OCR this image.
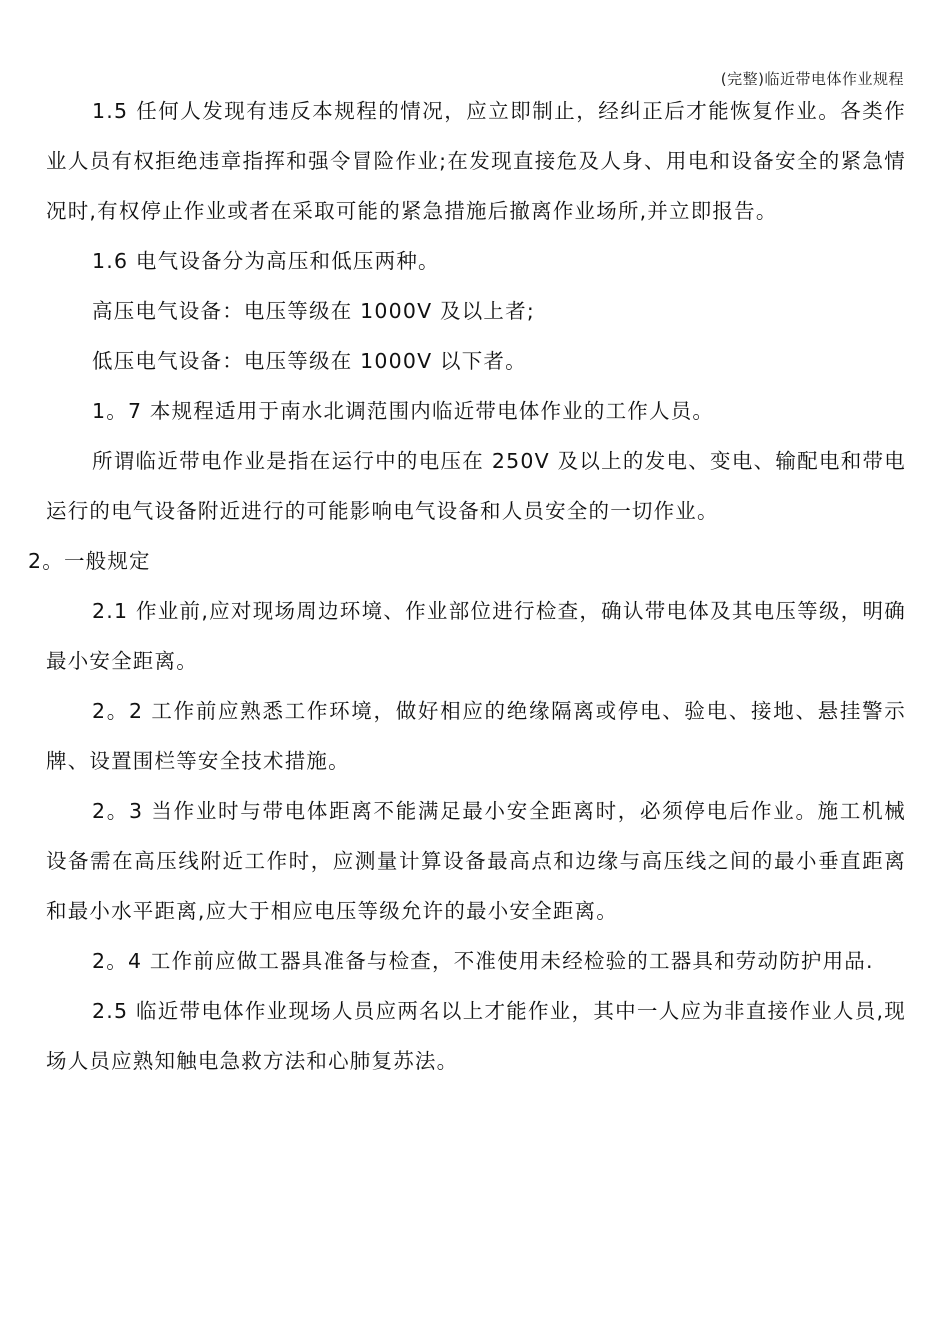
(完整)临近带电体作业规程

1.5 任何人发现有违反本规程的情况，应立即制止，经纠正后才能恢复作业。各类作业人员有权拒绝违章指挥和强令冒险作业;在发现直接危及人身、用电和设备安全的紧急情况时,有权停止作业或者在采取可能的紧急措施后撤离作业场所,并立即报告。

1.6 电气设备分为高压和低压两种。

高压电气设备：电压等级在 1000V 及以上者;

低压电气设备：电压等级在 1000V 以下者。

1。7 本规程适用于南水北调范围内临近带电体作业的工作人员。

所谓临近带电作业是指在运行中的电压在 250V 及以上的发电、变电、输配电和带电运行的电气设备附近进行的可能影响电气设备和人员安全的一切作业。

2。一般规定

2.1 作业前,应对现场周边环境、作业部位进行检查，确认带电体及其电压等级，明确最小安全距离。

2。2 工作前应熟悉工作环境，做好相应的绝缘隔离或停电、验电、接地、悬挂警示牌、设置围栏等安全技术措施。

2。3 当作业时与带电体距离不能满足最小安全距离时，必须停电后作业。施工机械设备需在高压线附近工作时，应测量计算设备最高点和边缘与高压线之间的最小垂直距离和最小水平距离,应大于相应电压等级允许的最小安全距离。

2。4 工作前应做工器具准备与检查，不准使用未经检验的工器具和劳动防护用品.

2.5 临近带电体作业现场人员应两名以上才能作业，其中一人应为非直接作业人员,现场人员应熟知触电急救方法和心肺复苏法。
